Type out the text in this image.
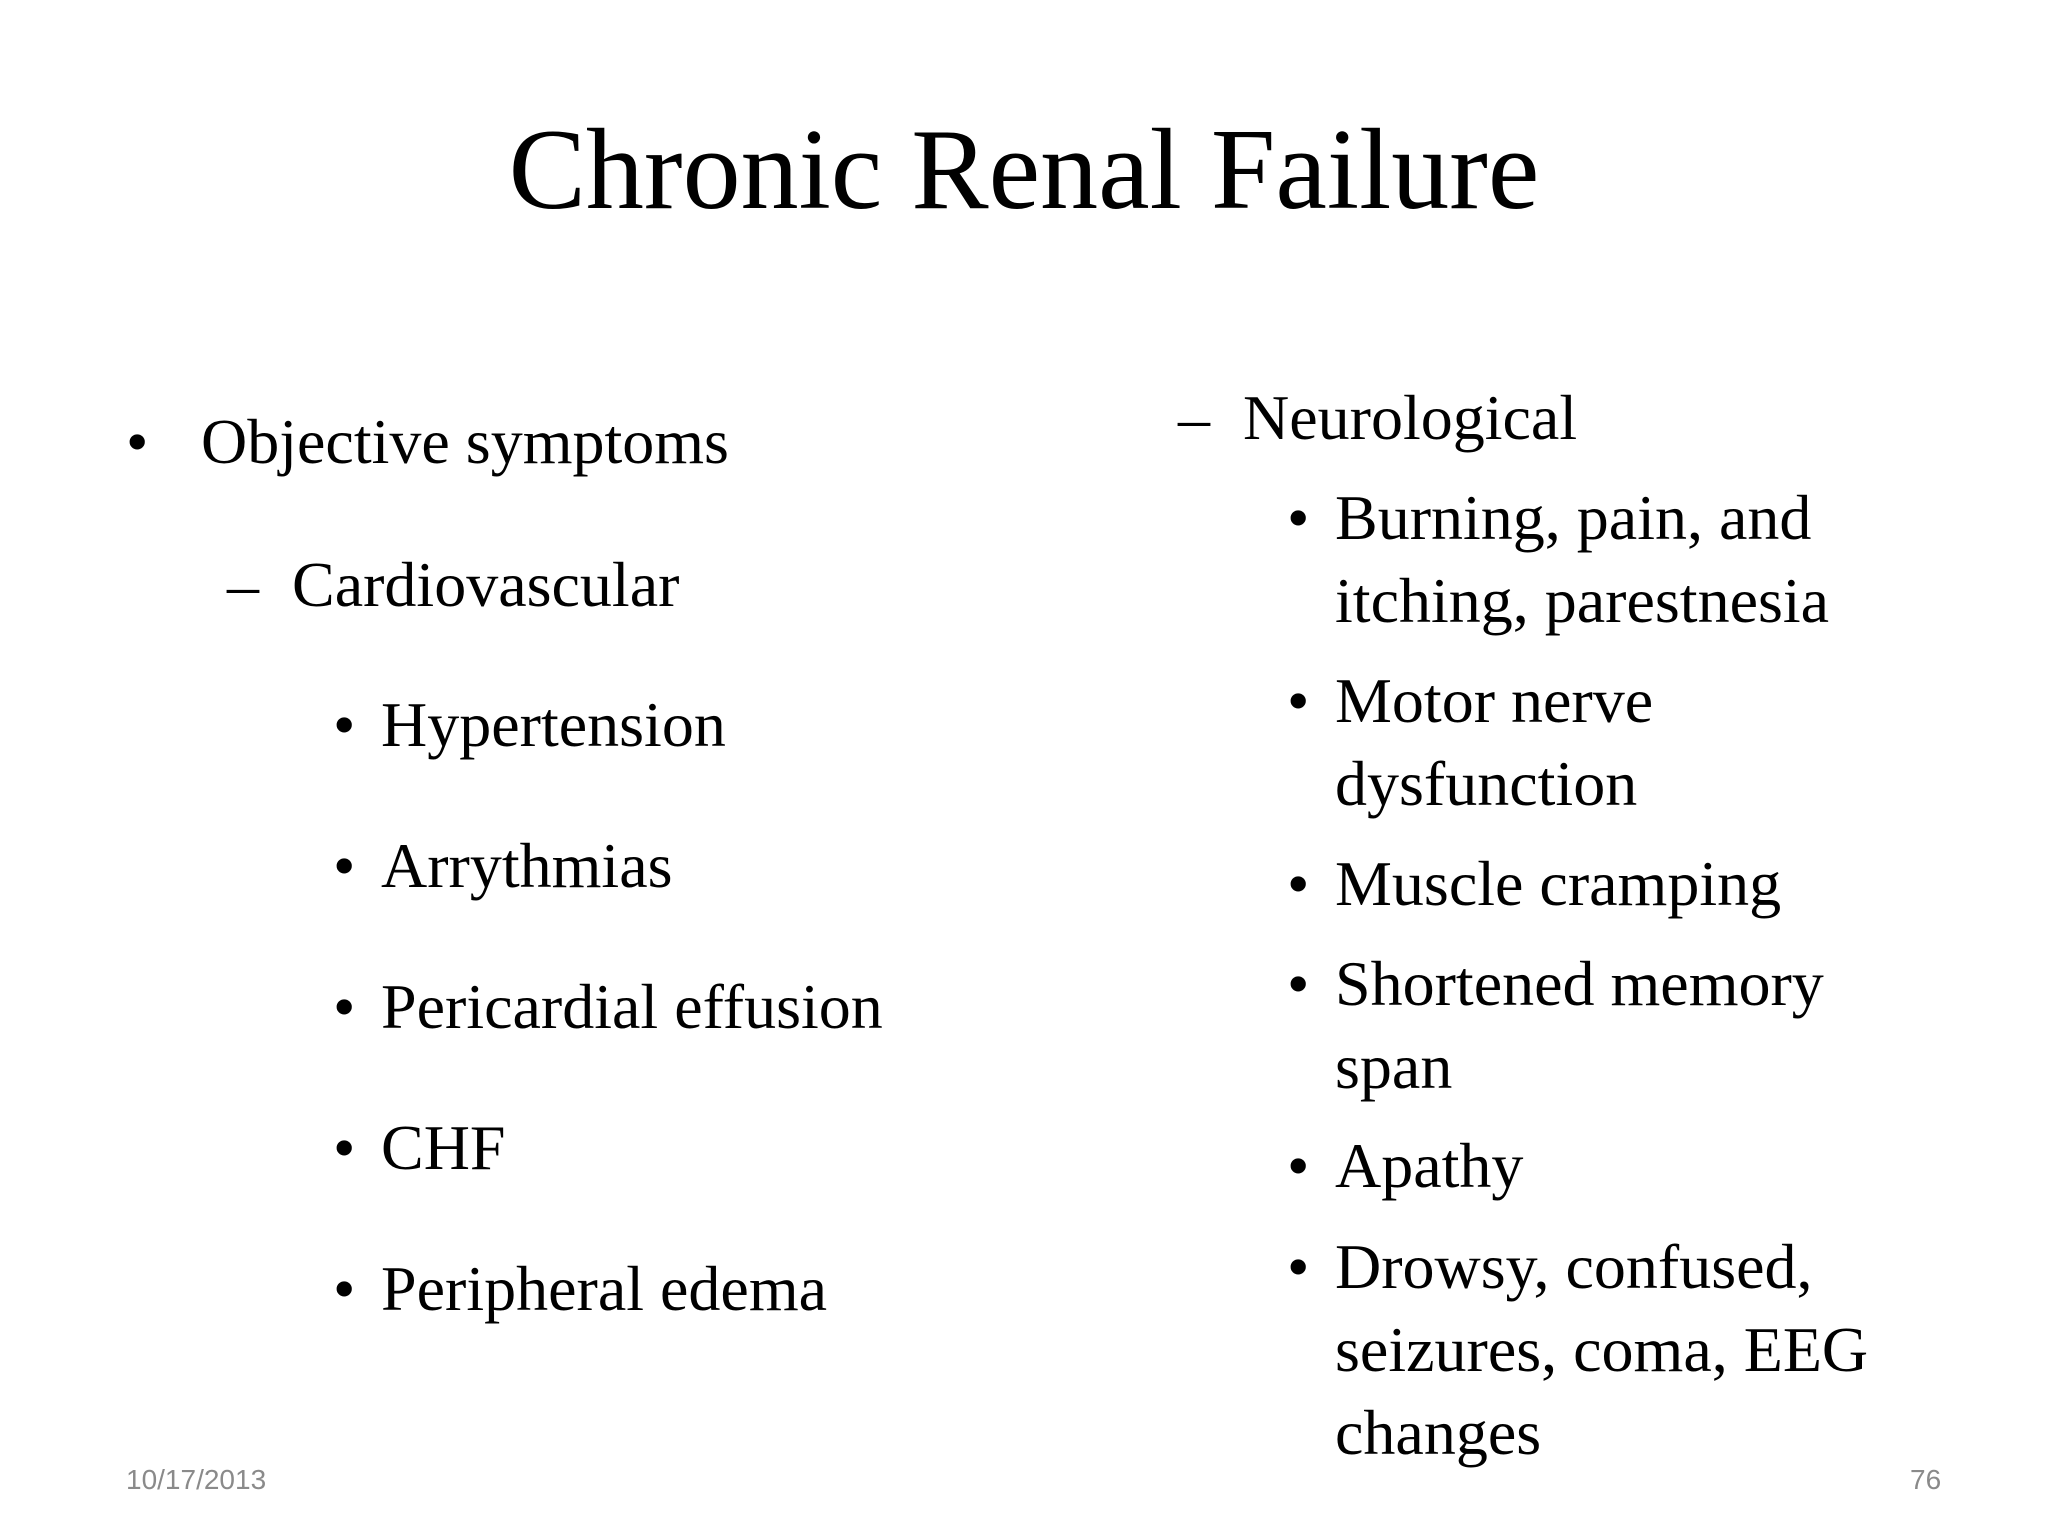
Chronic Renal Failure
• Objective symptoms
– Cardiovascular
• Hypertension
• Arrythmias
• Pericardial effusion
• CHF
• Peripheral edema
– Neurological
• Burning, pain, and itching, parestnesia
• Motor nerve dysfunction
• Muscle cramping
• Shortened memory span
• Apathy
• Drowsy, confused, seizures, coma, EEG changes
10/17/2013	76
